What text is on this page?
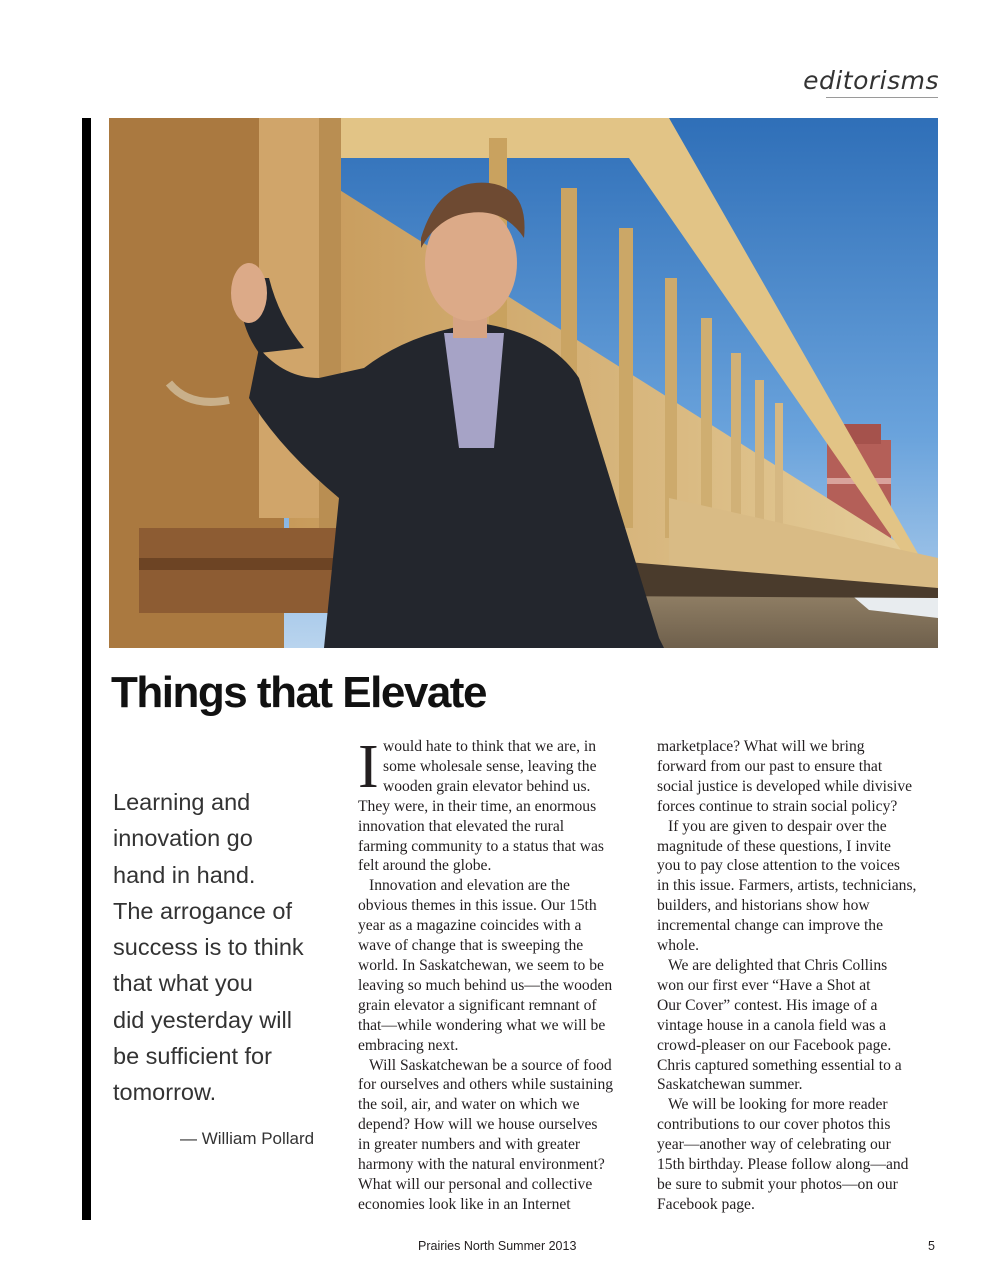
editorisms
Things that Elevate
Learning and
innovation go
hand in hand.
The arrogance of
success is to think
that what you
did yesterday will
be sufficient for
tomorrow.
— William Pollard
I would hate to think that we are, in
some wholesale sense, leaving the
wooden grain elevator behind us.
They were, in their time, an enormous
innovation that elevated the rural
farming community to a status that was
felt around the globe.
Innovation and elevation are the
obvious themes in this issue. Our 15th
year as a magazine coincides with a
wave of change that is sweeping the
world. In Saskatchewan, we seem to be
leaving so much behind us—the wooden
grain elevator a significant remnant of
that—while wondering what we will be
embracing next.
Will Saskatchewan be a source of food
for ourselves and others while sustaining
the soil, air, and water on which we
depend? How will we house ourselves
in greater numbers and with greater
harmony with the natural environment?
What will our personal and collective
economies look like in an Internet
marketplace? What will we bring
forward from our past to ensure that
social justice is developed while divisive
forces continue to strain social policy?
If you are given to despair over the
magnitude of these questions, I invite
you to pay close attention to the voices
in this issue. Farmers, artists, technicians,
builders, and historians show how
incremental change can improve the
whole.
We are delighted that Chris Collins
won our first ever “Have a Shot at
Our Cover” contest. His image of a
vintage house in a canola field was a
crowd-pleaser on our Facebook page.
Chris captured something essential to a
Saskatchewan summer.
We will be looking for more reader
contributions to our cover photos this
year—another way of celebrating our
15th birthday. Please follow along—and
be sure to submit your photos—on our
Facebook page.
Prairies North Summer 2013	5
